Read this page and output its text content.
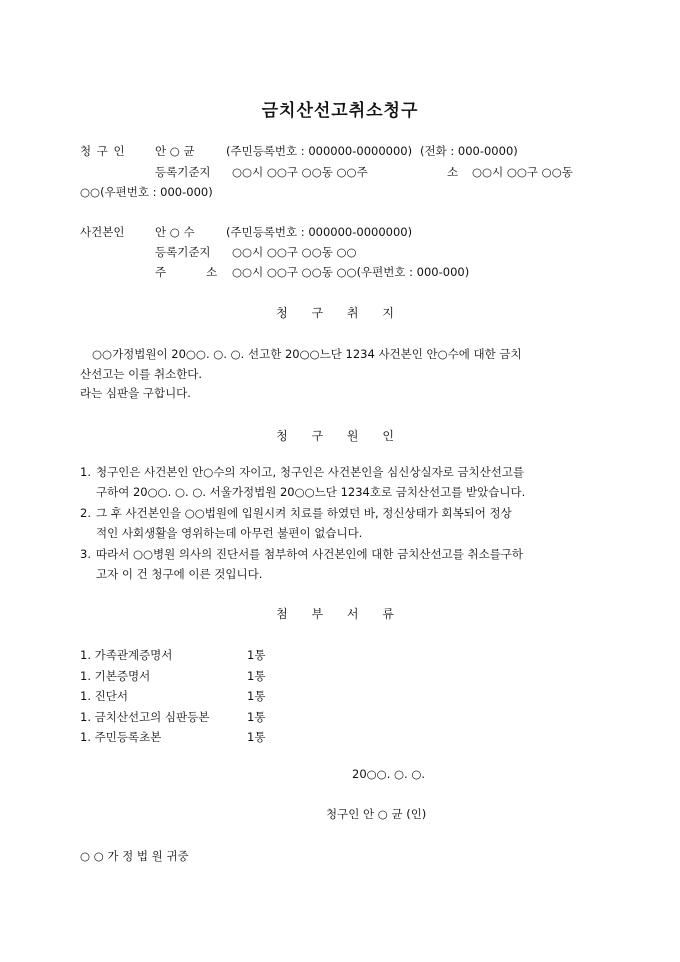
금치산선고취소청구
청 구 인	안 ○ 균	(주민등록번호 : 000000-0000000) (전화 : 000-0000)
등록기준지 ○○시 ○○구 ○○동 ○○주	소 ○○시 ○○구 ○○동
○○(우편번호 : 000-000)
사건본인	안 ○ 수	(주민등록번호 : 000000-0000000)
등록기준지 ○○시 ○○구 ○○동 ○○
주	소 ○○시 ○○구 ○○동 ○○(우편번호 : 000-000)
청 구 취 지
○○가정법원이 20○○. ○. ○. 선고한 20○○느단 1234 사건본인 안○수에 대한 금치
산선고는 이를 취소한다.
라는 심판을 구합니다.
청 구 원 인
1. 청구인은 사건본인 안○수의 자이고, 청구인은 사건본인을 심신상실자로 금치산선고를
구하여 20○○. ○. ○. 서울가정법원 20○○느단 1234호로 금치산선고를 받았습니다.
2. 그 후 사건본인을 ○○법원에 입원시켜 치료를 하였던 바, 정신상태가 회복되어 정상
적인 사회생활을 영위하는데 아무런 불편이 없습니다.
3. 따라서 ○○병원 의사의 진단서를 첨부하여 사건본인에 대한 금치산선고를 취소를구하
고자 이 건 청구에 이른 것입니다.
첨 부 서 류
1. 가족관계증명서	1통
1. 기본증명서	1통
1. 진단서	1통
1. 금치산선고의 심판등본	1통
1. 주민등록초본	1통
20○○. ○. ○.
청구인 안 ○ 균 (인)
○ ○ 가 정 법 원 귀중
